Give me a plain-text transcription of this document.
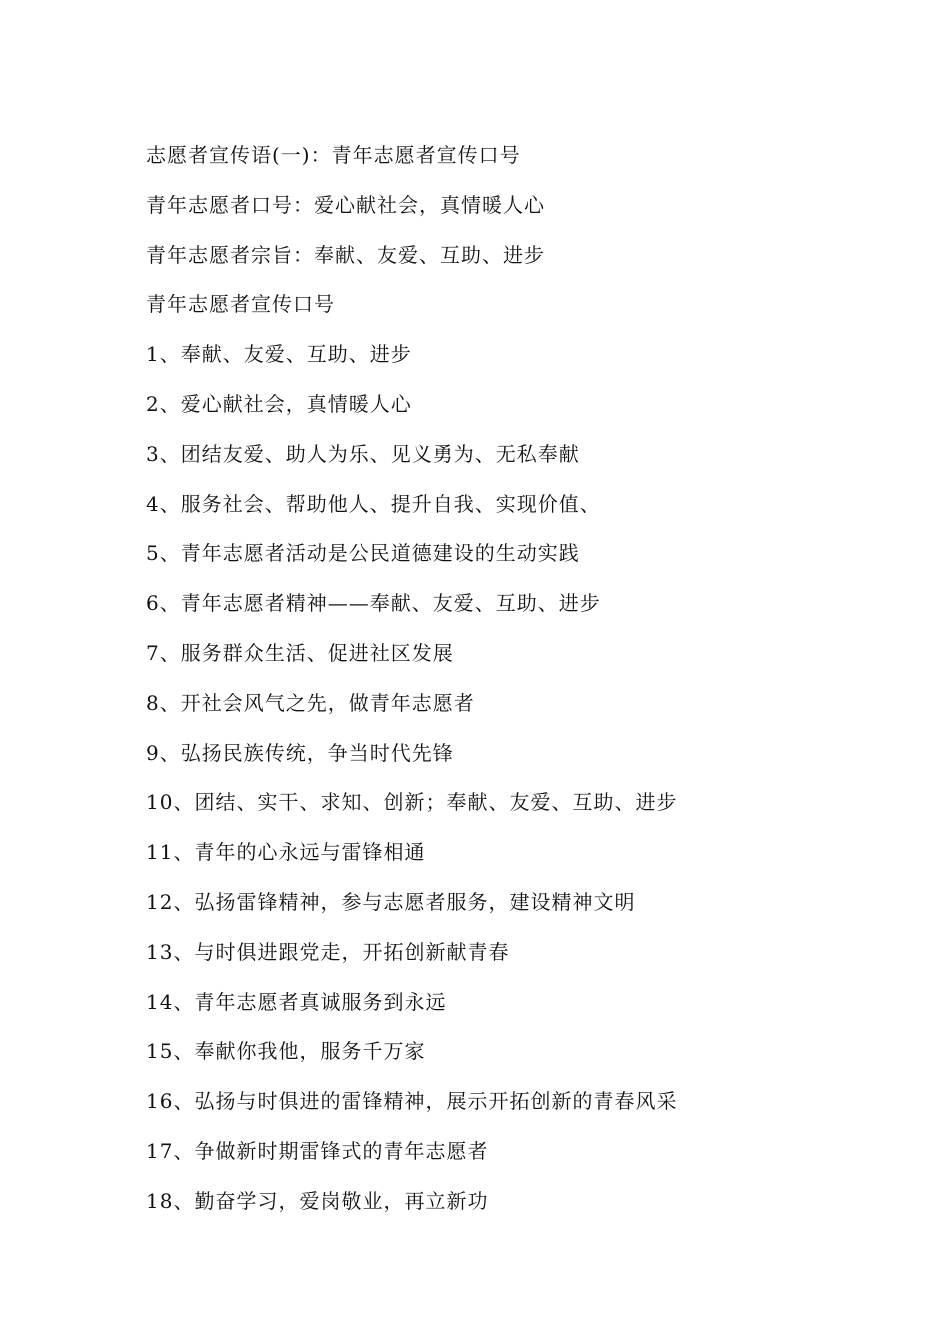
志愿者宣传语(一)：青年志愿者宣传口号
青年志愿者口号：爱心献社会，真情暖人心
青年志愿者宗旨：奉献、友爱、互助、进步
青年志愿者宣传口号
1、奉献、友爱、互助、进步
2、爱心献社会，真情暖人心
3、团结友爱、助人为乐、见义勇为、无私奉献
4、服务社会、帮助他人、提升自我、实现价值、
5、青年志愿者活动是公民道德建设的生动实践
6、青年志愿者精神——奉献、友爱、互助、进步
7、服务群众生活、促进社区发展
8、开社会风气之先，做青年志愿者
9、弘扬民族传统，争当时代先锋
10、团结、实干、求知、创新；奉献、友爱、互助、进步
11、青年的心永远与雷锋相通
12、弘扬雷锋精神，参与志愿者服务，建设精神文明
13、与时俱进跟党走，开拓创新献青春
14、青年志愿者真诚服务到永远
15、奉献你我他，服务千万家
16、弘扬与时俱进的雷锋精神，展示开拓创新的青春风采
17、争做新时期雷锋式的青年志愿者
18、勤奋学习，爱岗敬业，再立新功
